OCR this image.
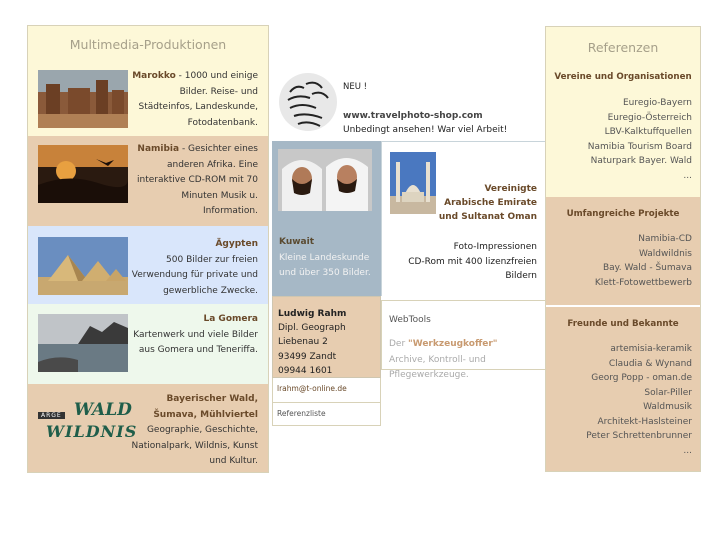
Multimedia-Produktionen
Marokko - 1000 und einige Bilder. Reise- und Städteinfos, Landeskunde, Fotodatenbank.
Namibia - Gesichter eines anderen Afrika. Eine interaktive CD-ROM mit 70 Minuten Musik u. Information.
Ägypten
500 Bilder zur freien Verwendung für private und gewerbliche Zwecke.
La Gomera
Kartenwerk und viele Bilder aus Gomera und Teneriffa.
ARGE WALD
WILDNIS
Bayerischer Wald, Šumava, Mühlviertel
Geographie, Geschichte, Nationalpark, Wildnis, Kunst und Kultur.
NEU !
www.travelphoto-shop.com
Unbedingt ansehen! War viel Arbeit!
Kuwait
Kleine Landeskunde und über 350 Bilder.
Vereinigte
Arabische Emirate
und Sultanat Oman
Foto-Impressionen
CD-Rom mit 400 lizenzfreien Bildern
Ludwig Rahm
Dipl. Geograph
Liebenau 2
93499 Zandt
09944 1601
lrahm@t-online.de
Referenzliste
WebTools
Der "Werkzeugkoffer"
Archive, Kontroll- und Pflegewerkzeuge.
Referenzen
Vereine und Organisationen
Euregio-Bayern
Euregio-Österreich
LBV-Kalktuffquellen
Namibia Tourism Board
Naturpark Bayer. Wald
...
Umfangreiche Projekte
Namibia-CD
Waldwildnis
Bay. Wald - Šumava
Klett-Fotowettbewerb
Freunde und Bekannte
artemisia-keramik
Claudia & Wynand
Georg Popp - oman.de
Solar-Piller
Waldmusik
Architekt-Haslsteiner
Peter Schrettenbrunner
...
